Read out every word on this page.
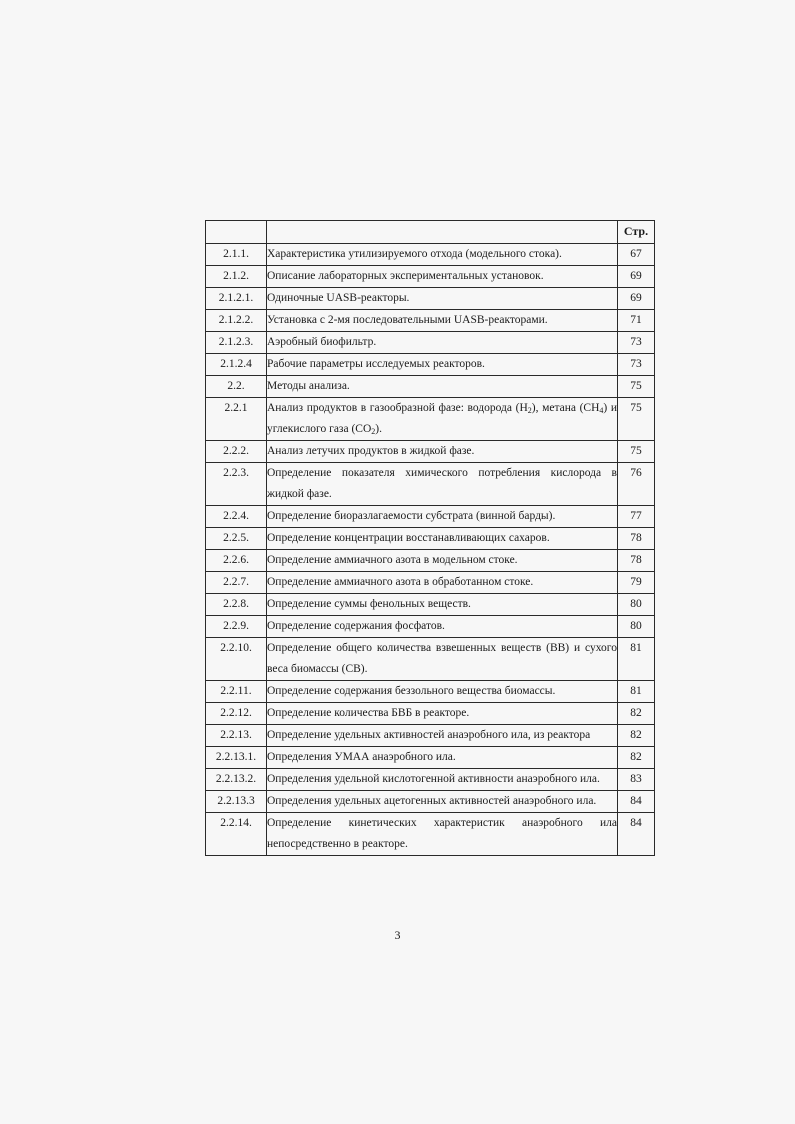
		Стр.
2.1.1.	Характеристика утилизируемого отхода (модельного стока).	67
2.1.2.	Описание лабораторных экспериментальных установок.	69
2.1.2.1.	Одиночные UASB-реакторы.	69
2.1.2.2.	Установка с 2-мя последовательными UASB-реакторами.	71
2.1.2.3.	Аэробный биофильтр.	73
2.1.2.4	Рабочие параметры исследуемых реакторов.	73
2.2.	Методы анализа.	75
2.2.1	Анализ продуктов в газообразной фазе: водорода $(H_2)$, метана $(CH_4)$ и углекислого газа $(CO_2)$.	75
2.2.2.	Анализ летучих продуктов в жидкой фазе.	75
2.2.3.	Определение показателя химического потребления кислорода в жидкой фазе.	76
2.2.4.	Определение биоразлагаемости субстрата (винной барды).	77
2.2.5.	Определение концентрации восстанавливающих сахаров.	78
2.2.6.	Определение аммиачного азота в модельном стоке.	78
2.2.7.	Определение аммиачного азота в обработанном стоке.	79
2.2.8.	Определение суммы фенольных веществ.	80
2.2.9.	Определение содержания фосфатов.	80
2.2.10.	Определение общего количества взвешенных веществ (ВВ) и сухого веса биомассы (СВ).	81
2.2.11.	Определение содержания беззольного вещества биомассы.	81
2.2.12.	Определение количества БВБ в реакторе.	82
2.2.13.	Определение удельных активностей анаэробного ила, из реактора	82
2.2.13.1.	Определения УМАА анаэробного ила.	82
2.2.13.2.	Определения удельной кислотогенной активности анаэробного ила.	83
2.2.13.3	Определения удельных ацетогенных активностей анаэробного ила.	84
2.2.14.	Определение кинетических характеристик анаэробного ила непосредственно в реакторе.	84
3
